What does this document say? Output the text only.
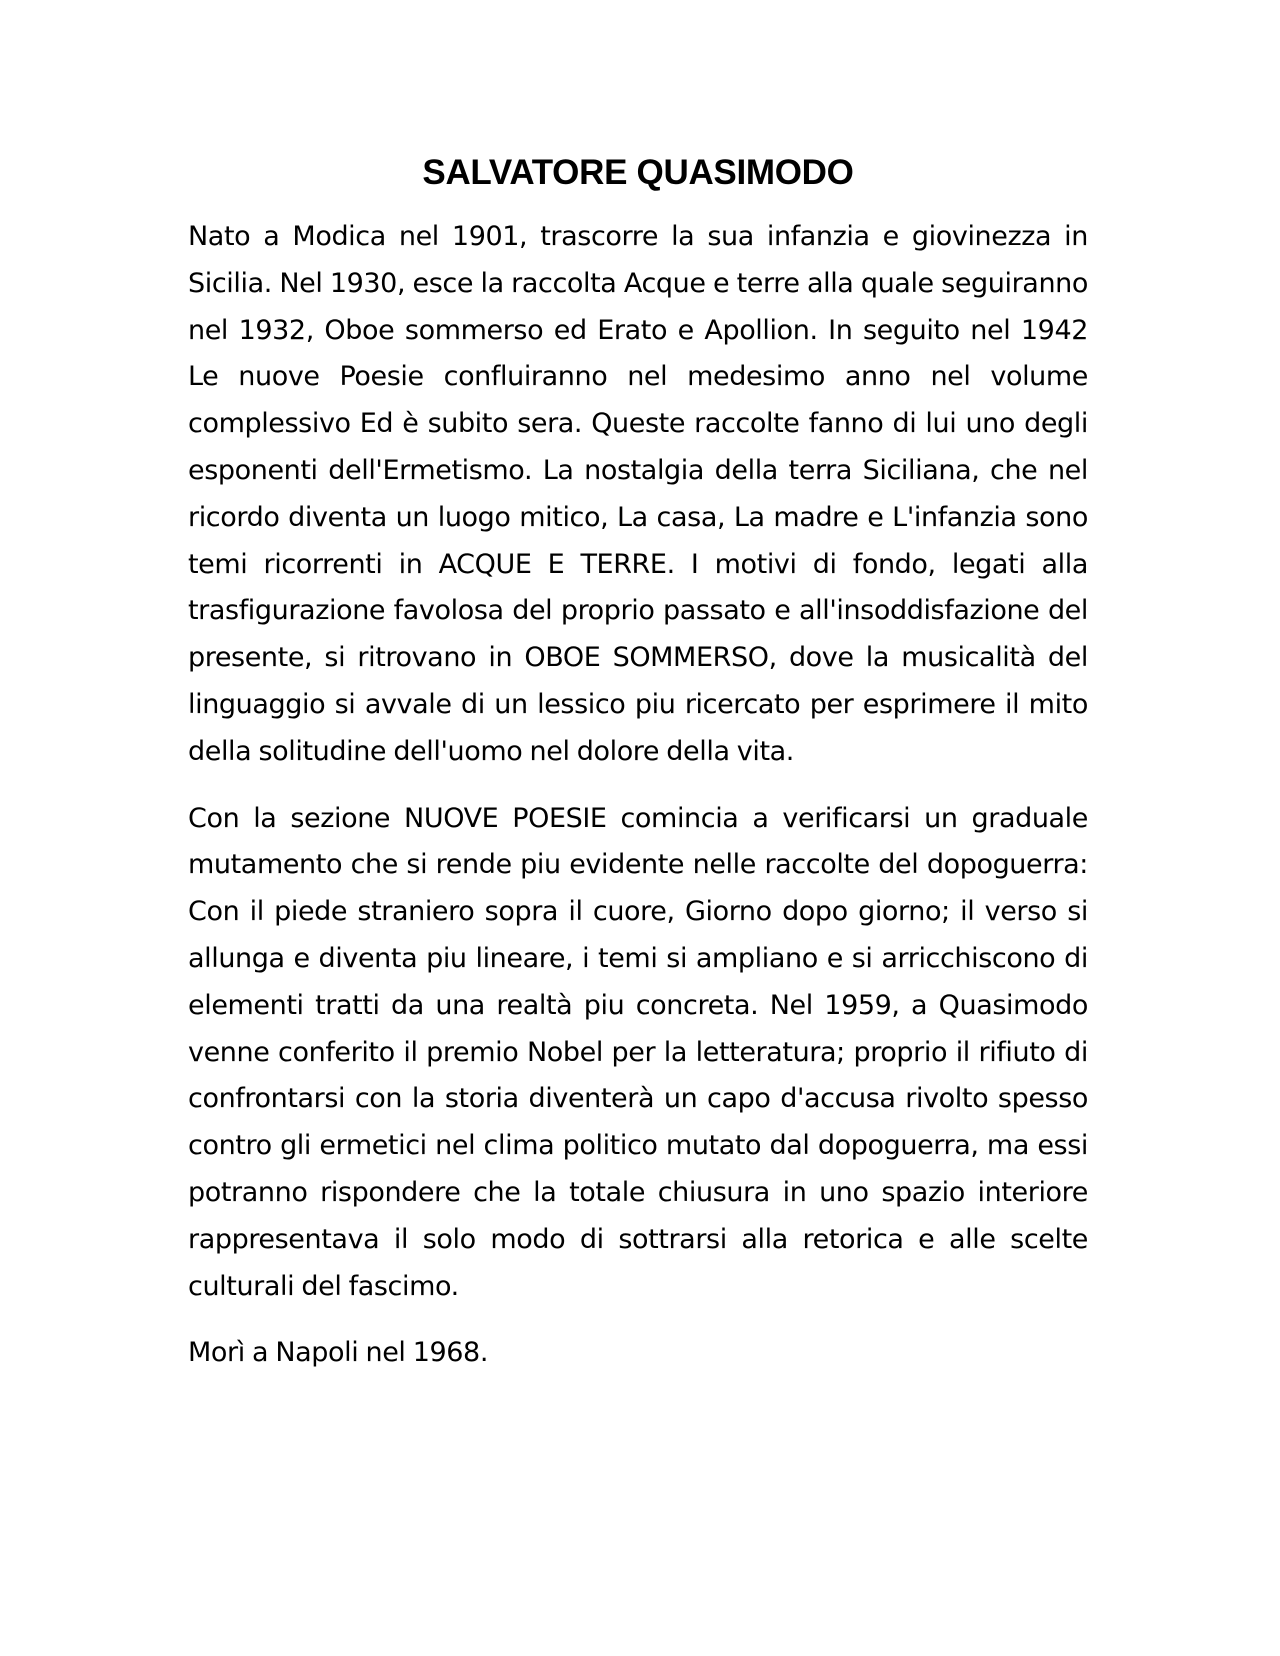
SALVATORE QUASIMODO

Nato a Modica nel 1901, trascorre la sua infanzia e giovinezza in Sicilia. Nel 1930, esce la raccolta Acque e terre alla quale seguiranno nel 1932, Oboe sommerso ed Erato e Apollion. In seguito nel 1942 Le nuove Poesie confluiranno nel medesimo anno nel volume complessivo Ed è subito sera. Queste raccolte fanno di lui uno degli esponenti dell'Ermetismo. La nostalgia della terra Siciliana, che nel ricordo diventa un luogo mitico, La casa, La madre e L'infanzia sono temi ricorrenti in ACQUE E TERRE. I motivi di fondo, legati alla trasfigurazione favolosa del proprio passato e all'insoddisfazione del presente, si ritrovano in OBOE SOMMERSO, dove la musicalità del linguaggio si avvale di un lessico piu ricercato per esprimere il mito della solitudine dell'uomo nel dolore della vita.

Con la sezione NUOVE POESIE comincia a verificarsi un graduale mutamento che si rende piu evidente nelle raccolte del dopoguerra: Con il piede straniero sopra il cuore, Giorno dopo giorno; il verso si allunga e diventa piu lineare, i temi si ampliano e si arricchiscono di elementi tratti da una realtà piu concreta. Nel 1959, a Quasimodo venne conferito il premio Nobel per la letteratura; proprio il rifiuto di confrontarsi con la storia diventerà un capo d'accusa rivolto spesso contro gli ermetici nel clima politico mutato dal dopoguerra, ma essi potranno rispondere che la totale chiusura in uno spazio interiore rappresentava il solo modo di sottrarsi alla retorica e alle scelte culturali del fascimo.

Morì a Napoli nel 1968.
